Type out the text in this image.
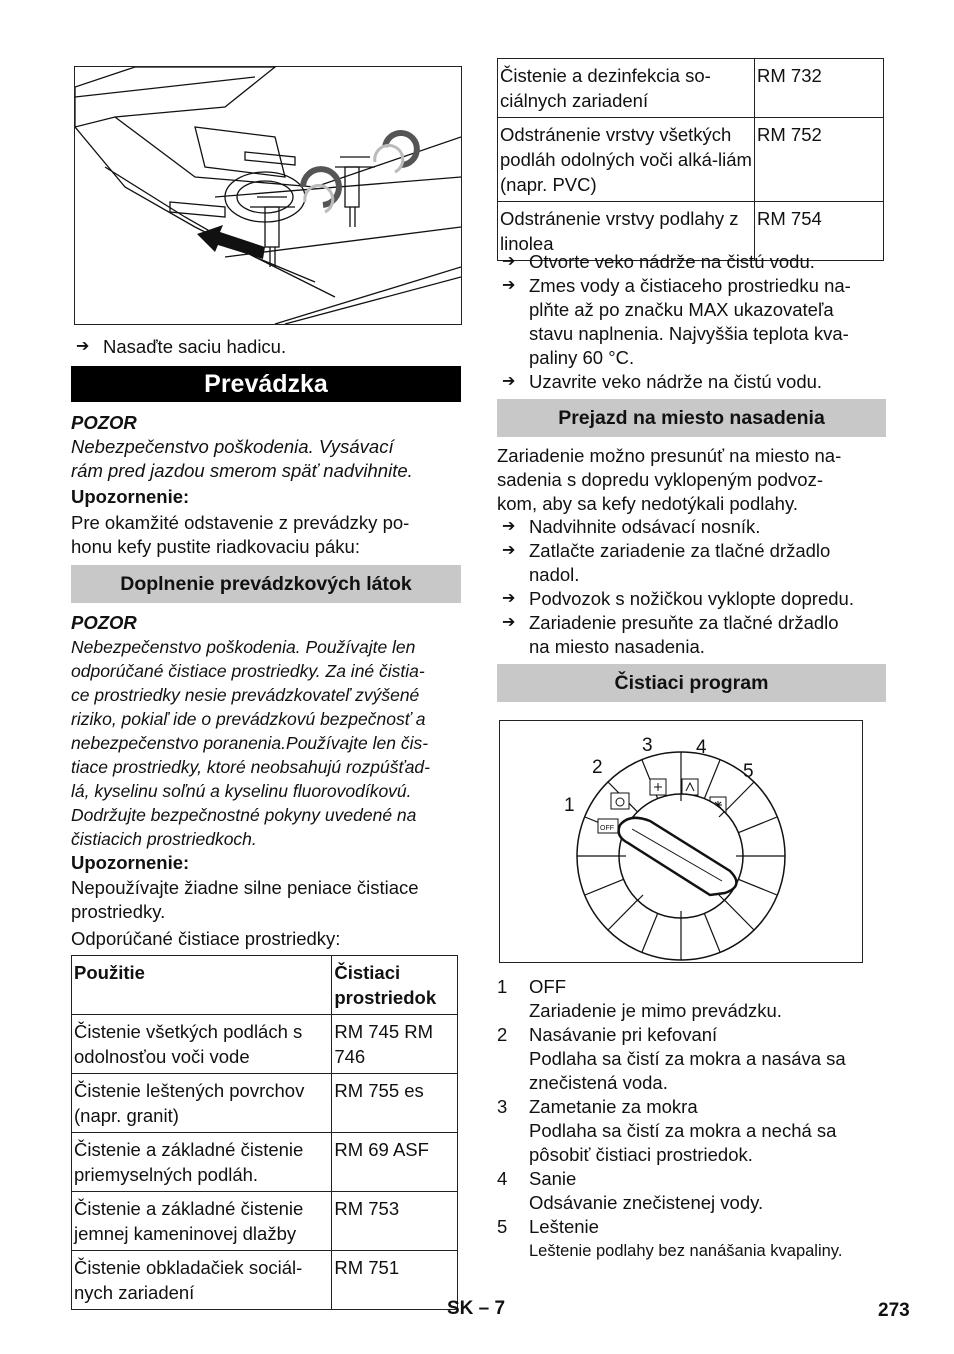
➔ Nasaďte saciu hadicu.
Prevádzka
POZOR
Nebezpečenstvo poškodenia. Vysávací
rám pred jazdou smerom späť nadvihnite.
Upozornenie:
Pre okamžité odstavenie z prevádzky po-
honu kefy pustite riadkovaciu páku:
Doplnenie prevádzkových látok
POZOR
Nebezpečenstvo poškodenia. Používajte len
odporúčané čistiace prostriedky. Za iné čistia-
ce prostriedky nesie prevádzkovateľ zvýšené
riziko, pokiaľ ide o prevádzkovú bezpečnosť a
nebezpečenstvo poranenia.Používajte len čis-
tiace prostriedky, ktoré neobsahujú rozpúšťad-
lá, kyselinu soľnú a kyselinu fluorovodíkovú.
Dodržujte bezpečnostné pokyny uvedené na
čistiacich prostriedkoch.
Upozornenie:
Nepoužívajte žiadne silne peniace čistiace
prostriedky.
Odporúčané čistiace prostriedky:
Použitie	Čistiaci prostriedok
Čistenie všetkých podlách s odolnosťou voči vode	RM 745 RM 746
Čistenie leštených povrchov (napr. granit)	RM 755 es
Čistenie a základné čistenie priemyselných podláh.	RM 69 ASF
Čistenie a základné čistenie jemnej kameninovej dlažby	RM 753
Čistenie obkladačiek sociál-nych zariadení	RM 751
Čistenie a dezinfekcia so-ciálnych zariadení	RM 732
Odstránenie vrstvy všetkých podláh odolných voči alká-liám (napr. PVC)	RM 752
Odstránenie vrstvy podlahy z linolea	RM 754
➔ Otvorte veko nádrže na čistú vodu.
➔ Zmes vody a čistiaceho prostriedku na-
plňte až po značku MAX ukazovateľa
stavu naplnenia. Najvyššia teplota kva-
paliny 60 °C.
➔ Uzavrite veko nádrže na čistú vodu.
Prejazd na miesto nasadenia
Zariadenie možno presunúť na miesto na-
sadenia s dopredu vyklopeným podvoz-
kom, aby sa kefy nedotýkali podlahy.
➔ Nadvihnite odsávací nosník.
➔ Zatlačte zariadenie za tlačné držadlo
nadol.
➔ Podvozok s nožičkou vyklopte dopredu.
➔ Zariadenie presuňte za tlačné držadlo
na miesto nasadenia.
Čistiaci program
1
2
3 4
5
OFF
1 OFF
Zariadenie je mimo prevádzku.
2 Nasávanie pri kefovaní
Podlaha sa čistí za mokra a nasáva sa
znečistená voda.
3 Zametanie za mokra
Podlaha sa čistí za mokra a nechá sa
pôsobiť čistiaci prostriedok.
4 Sanie
Odsávanie znečistenej vody.
5 Leštenie
Leštenie podlahy bez nanášania kvapaliny.
SK – 7	273
